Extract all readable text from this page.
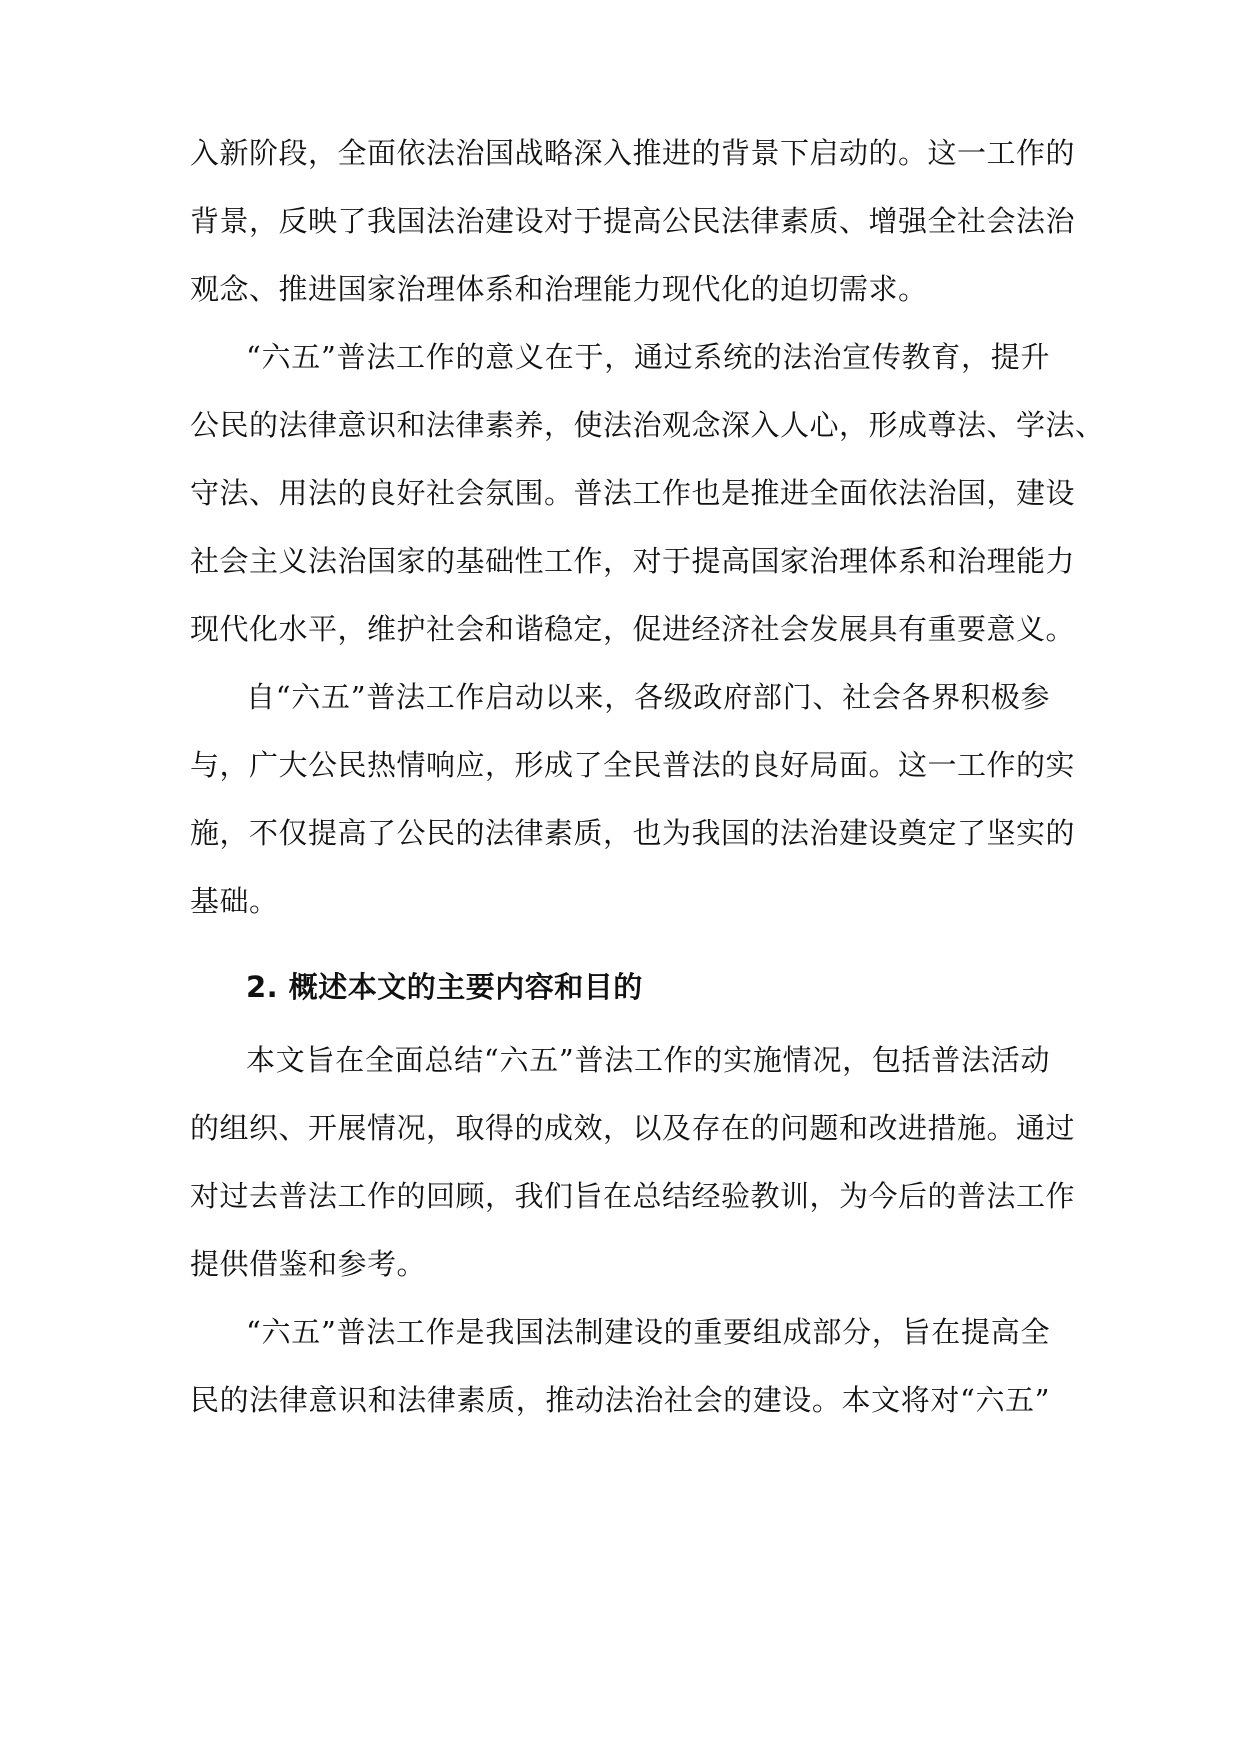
入新阶段，全面依法治国战略深入推进的背景下启动的。这一工作的
背景，反映了我国法治建设对于提高公民法律素质、增强全社会法治
观念、推进国家治理体系和治理能力现代化的迫切需求。
“六五”普法工作的意义在于，通过系统的法治宣传教育，提升
公民的法律意识和法律素养，使法治观念深入人心，形成尊法、学法、
守法、用法的良好社会氛围。普法工作也是推进全面依法治国，建设
社会主义法治国家的基础性工作，对于提高国家治理体系和治理能力
现代化水平，维护社会和谐稳定，促进经济社会发展具有重要意义。
自“六五”普法工作启动以来，各级政府部门、社会各界积极参
与，广大公民热情响应，形成了全民普法的良好局面。这一工作的实
施，不仅提高了公民的法律素质，也为我国的法治建设奠定了坚实的
基础。
2. 概述本文的主要内容和目的
本文旨在全面总结“六五”普法工作的实施情况，包括普法活动
的组织、开展情况，取得的成效，以及存在的问题和改进措施。通过
对过去普法工作的回顾，我们旨在总结经验教训，为今后的普法工作
提供借鉴和参考。
“六五”普法工作是我国法制建设的重要组成部分，旨在提高全
民的法律意识和法律素质，推动法治社会的建设。本文将对“六五”
